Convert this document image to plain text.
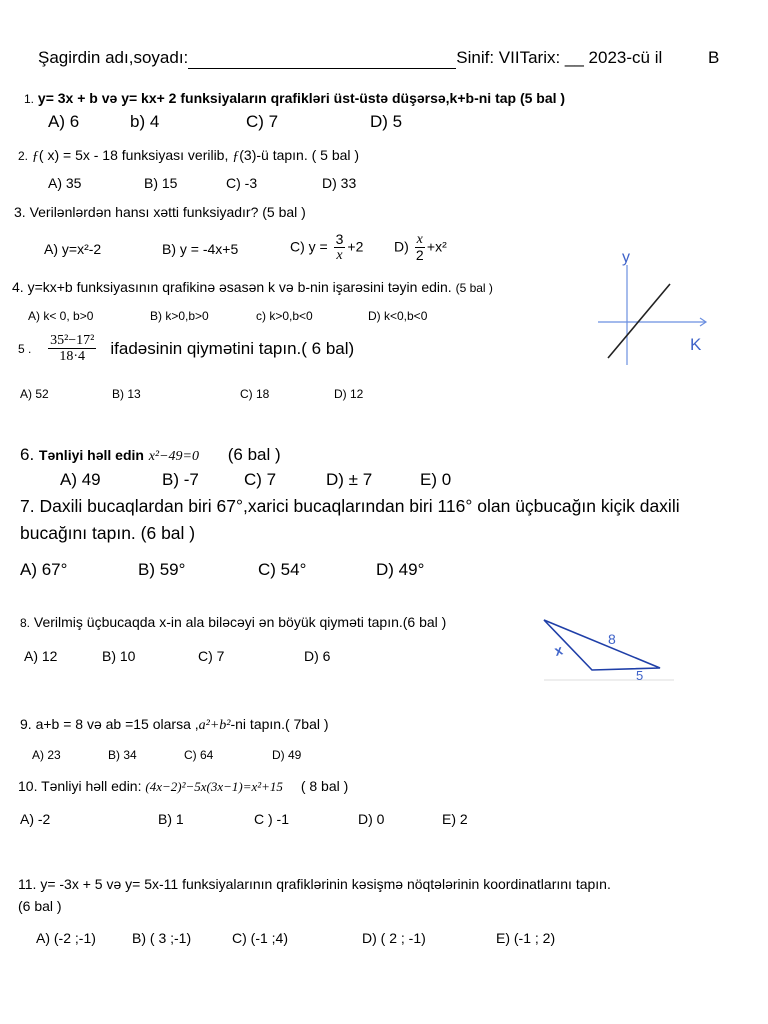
Şagirdin adı,soyadı:	Sinif: VIITarix: __ 2023-cü il	B
1. y= 3x + b və y= kx+ 2 funksiyaların qrafikləri üst-üstə düşərsə,k+b-ni tap (5 bal )
A) 6	b) 4	C) 7	D) 5
2. ƒ( x) = 5x - 18 funksiyası verilib, ƒ(3)-ü tapın. ( 5 bal )
A) 35	B) 15	C) -3	D) 33
3. Verilənlərdən hansı xətti funksiyadır? (5 bal )
A) y=x²-2	B) y = -4x+5	C) $y = \frac{3}{x} +2$ $D) \frac{x}{2} +x^2$
y
K
4. y=kx+b funksiyasının qrafikinə əsasən k və b-nin işarəsini təyin edin. (5 bal )
A) k< 0, b>0	B) k>0,b>0	c) k>0,b<0	D) k<0,b<0
5 . $\frac{\text{35²−17²}}{18\cdot 4}$ ifadəsinin qiymətini tapın.( 6 bal)
A) 52	B) 13	C) 18	D) 12
6. Tənliyi həll edin x²−49=0 (6 bal )
A) 49	B) -7	C) 7	D) ± 7	E) 0
7. Daxili bucaqlardan biri 67°,xarici bucaqlarından biri 116° olan üçbucağın kiçik daxili
bucağını tapın. (6 bal )
A) 67°	B) 59°	C) 54°	D) 49°
x
8
5
8. Verilmiş üçbucaqda x-in ala biləcəyi ən böyük qiyməti tapın.(6 bal )
A) 12	B) 10	C) 7	D) 6
9. a+b = 8 və ab =15 olarsa ,a²+b²-ni tapın.( 7bal )
A) 23	B) 34	C) 64	D) 49
10. Tənliyi həll edin: (4x−2)²−5x(3x−1)=x²+15 ( 8 bal )
A) -2	B) 1	C ) -1	D) 0	E) 2
11. y= -3x + 5 və y= 5x-11 funksiyalarının qrafiklərinin kəsişmə nöqtələrinin koordinatlarını tapın.
(6 bal )
A) (-2 ;-1)	B) ( 3 ;-1)	C) (-1 ;4)	D) ( 2 ; -1)	E) (-1 ; 2)
